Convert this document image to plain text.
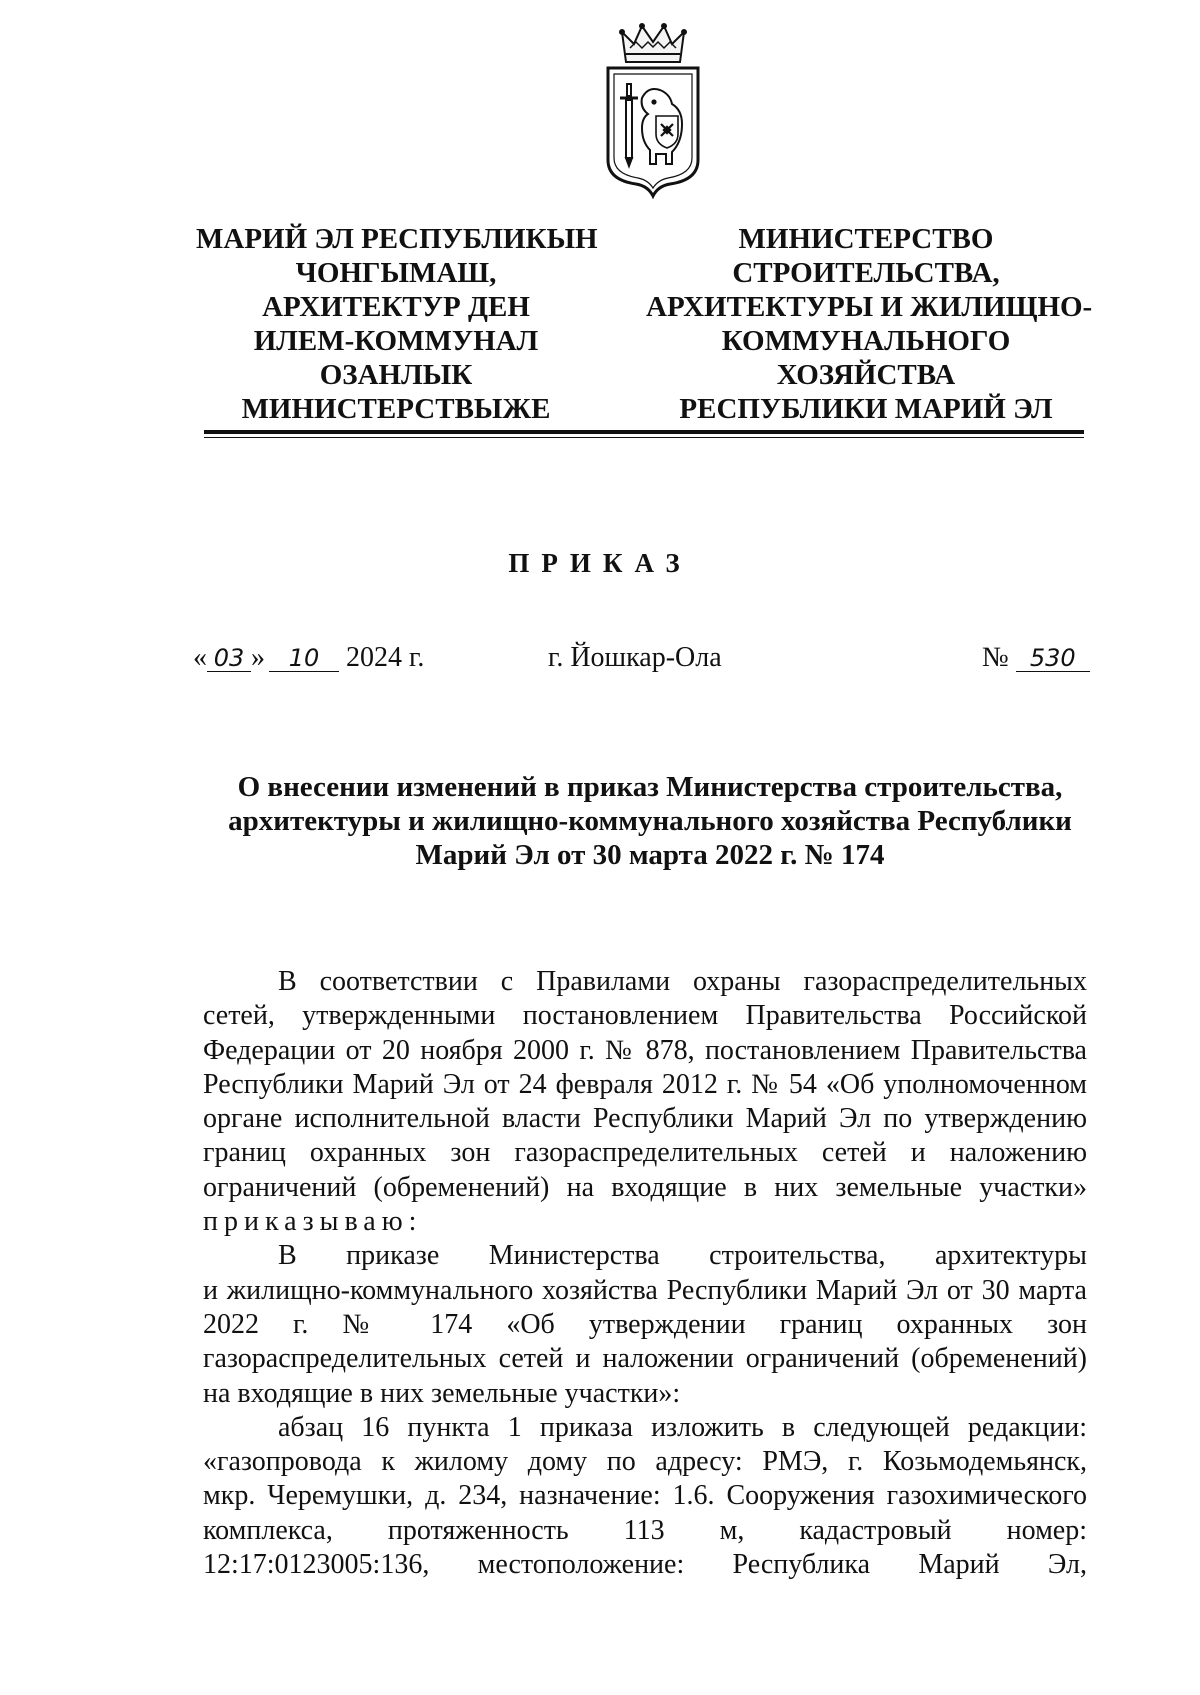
МАРИЙ ЭЛ РЕСПУБЛИКЫН
ЧОНГЫМАШ,
АРХИТЕКТУР ДЕН
ИЛЕМ-КОММУНАЛ
ОЗАНЛЫК
МИНИСТЕРСТВЫЖЕ
МИНИСТЕРСТВО
СТРОИТЕЛЬСТВА,
АРХИТЕКТУРЫ И ЖИЛИЩНО-
КОММУНАЛЬНОГО
ХОЗЯЙСТВА
РЕСПУБЛИКИ МАРИЙ ЭЛ
ПРИКАЗ
« 03 » 10 2024 г.	г. Йошкар-Ола	№ 530
О внесении изменений в приказ Министерства строительства,
архитектуры и жилищно-коммунального хозяйства Республики
Марий Эл от 30 марта 2022 г. № 174
В соответствии с Правилами охраны газораспределительных
сетей, утвержденными постановлением Правительства Российской
Федерации от 20 ноября 2000 г. № 878, постановлением Правительства
Республики Марий Эл от 24 февраля 2012 г. № 54 «Об уполномоченном
органе исполнительной власти Республики Марий Эл по утверждению
границ охранных зон газораспределительных сетей и наложению
ограничений (обременений) на входящие в них земельные участки»
приказываю:
В приказе Министерства строительства, архитектуры
и жилищно-коммунального хозяйства Республики Марий Эл от 30 марта
2022 г. № 174 «Об утверждении границ охранных зон
газораспределительных сетей и наложении ограничений (обременений)
на входящие в них земельные участки»:
абзац 16 пункта 1 приказа изложить в следующей редакции:
«газопровода к жилому дому по адресу: РМЭ, г. Козьмодемьянск,
мкр. Черемушки, д. 234, назначение: 1.6. Сооружения газохимического
комплекса, протяженность 113 м, кадастровый номер:
12:17:0123005:136, местоположение: Республика Марий Эл,
